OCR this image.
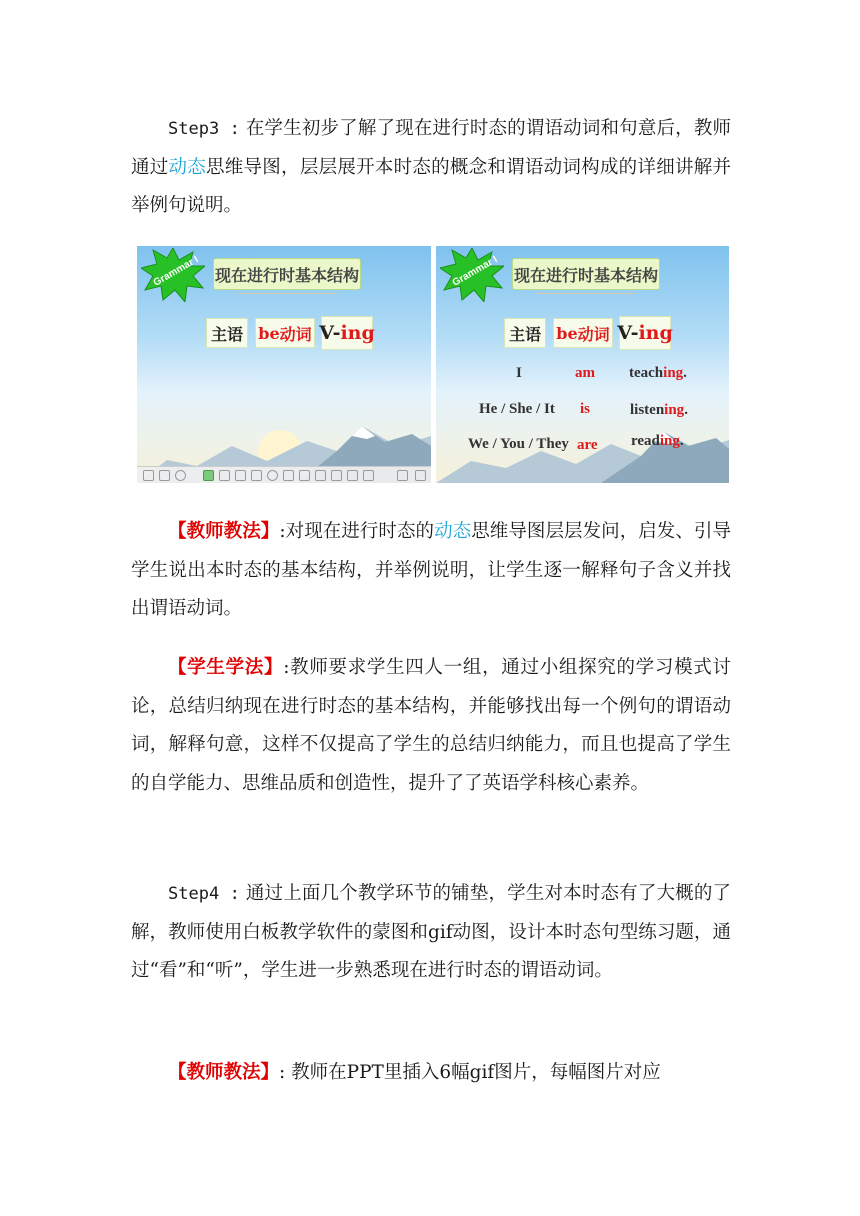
Step3 : 在学生初步了解了现在进行时态的谓语动词和句意后，教师通过动态思维导图，层层展开本时态的概念和谓语动词构成的详细讲解并举例句说明。

Grammar I 现在进行时基本结构
主语 be 动词 V- ing
Grammar I 现在进行时基本结构
主语 be 动词 V- ing
I	am teaching.
He / She / It is	listening.
We / You / They are reading.

【教师教法】:对现在进行时态的动态思维导图层层发问，启发、引导学生说出本时态的基本结构，并举例说明，让学生逐一解释句子含义并找出谓语动词。

【学生学法】:教师要求学生四人一组，通过小组探究的学习模式讨论，总结归纳现在进行时态的基本结构，并能够找出每一个例句的谓语动词，解释句意，这样不仅提高了学生的总结归纳能力，而且也提高了学生的自学能力、思维品质和创造性，提升了了英语学科核心素养。

Step4 : 通过上面几个教学环节的铺垫，学生对本时态有了大概的了解，教师使用白板教学软件的蒙图和gif动图，设计本时态句型练习题，通过“看”和“听”，学生进一步熟悉现在进行时态的谓语动词。

【教师教法】: 教师在PPT里插入6幅gif图片，每幅图片对应
